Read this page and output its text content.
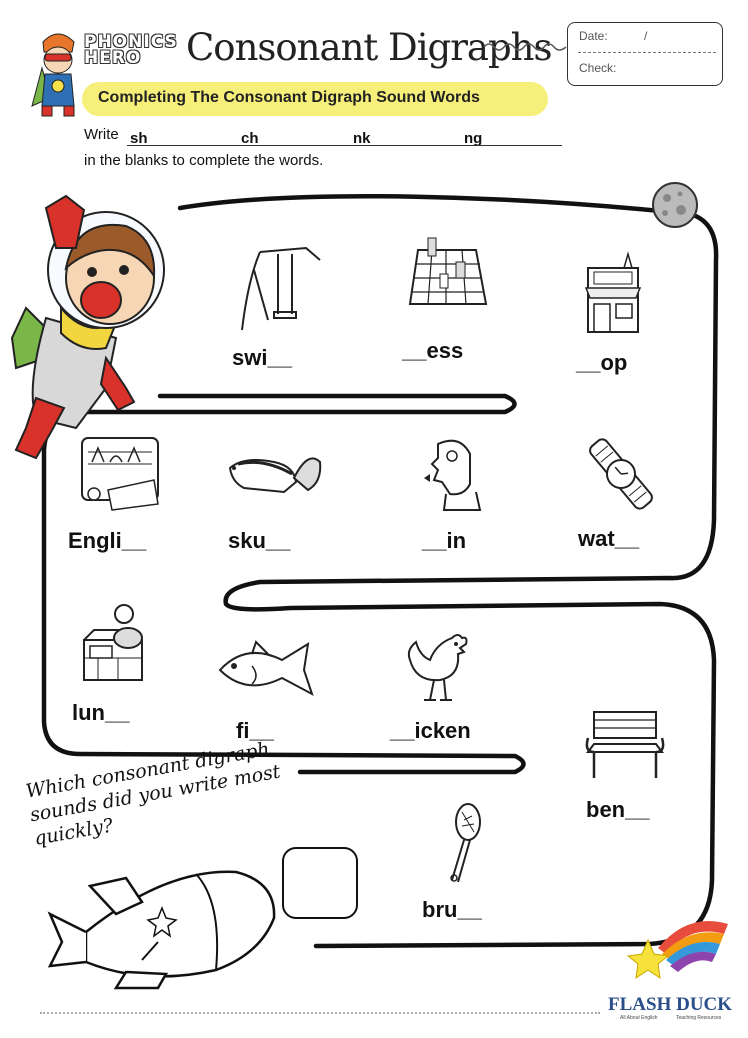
PHONICS
HERO	Consonant Digraphs Date:	/
Check:
Completing The Consonant Digraph Sound Words
Write sh	ch	nk	ng
in the blanks to complete the words.
swi__	__ess	__op
Engli__	sku__	__in	wat__
lun__
fi__	__icken
ben__
bru__
Which consonant digraph sounds did you write most quickly?
FLASH DUCK
All About English	Teaching Resources
